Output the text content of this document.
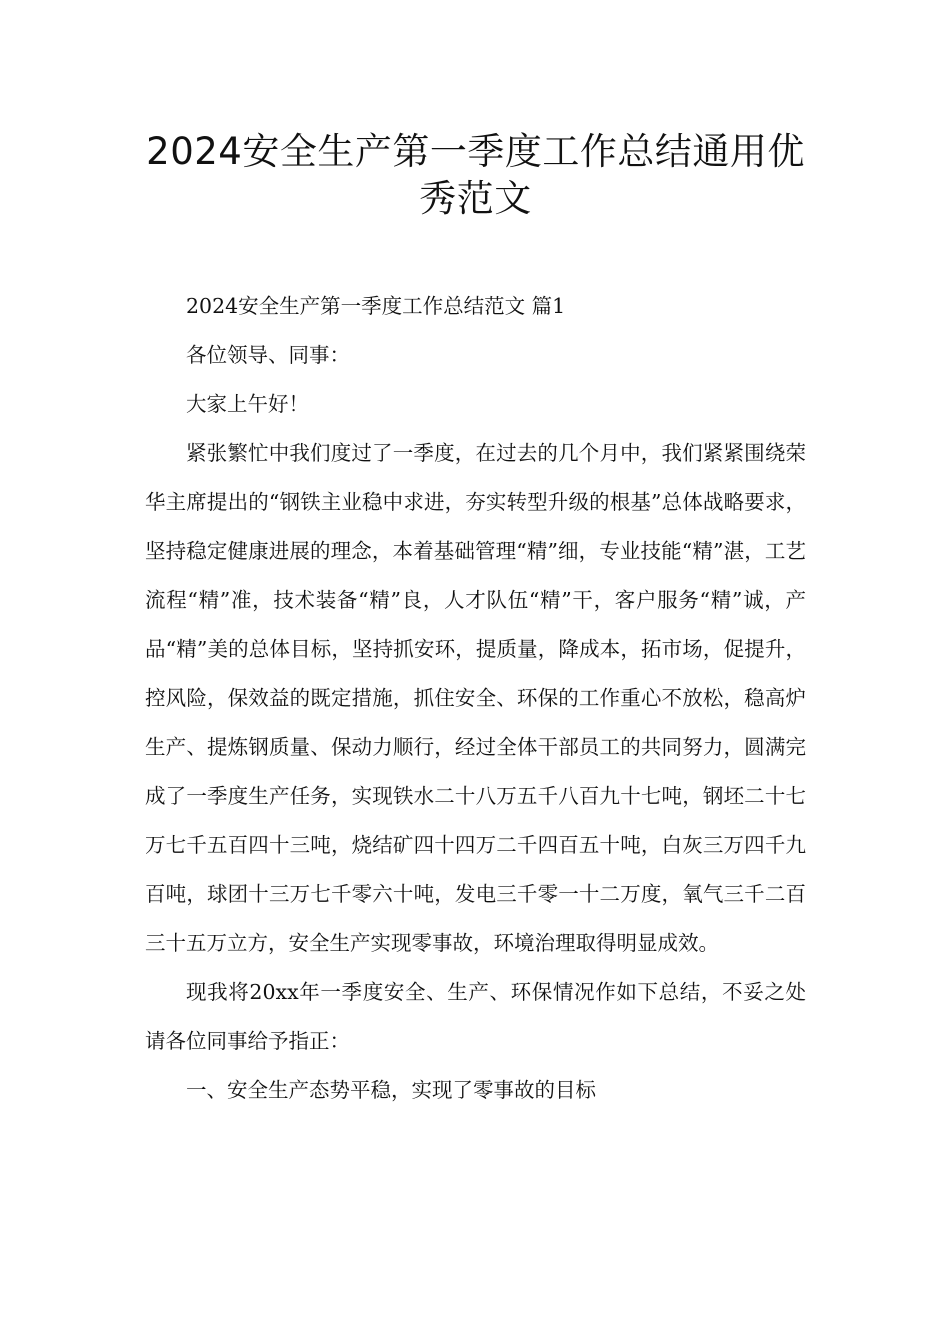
2024安全生产第一季度工作总结通用优秀范文

2024安全生产第一季度工作总结范文 篇1

各位领导、同事：

大家上午好！

紧张繁忙中我们度过了一季度，在过去的几个月中，我们紧紧围绕荣华主席提出的“钢铁主业稳中求进，夯实转型升级的根基”总体战略要求，坚持稳定健康进展的理念，本着基础管理“精”细，专业技能“精”湛，工艺流程“精”准，技术装备“精”良，人才队伍“精”干，客户服务“精”诚，产品“精”美的总体目标，坚持抓安环，提质量，降成本，拓市场，促提升，控风险，保效益的既定措施，抓住安全、环保的工作重心不放松，稳高炉生产、提炼钢质量、保动力顺行，经过全体干部员工的共同努力，圆满完成了一季度生产任务，实现铁水二十八万五千八百九十七吨，钢坯二十七万七千五百四十三吨，烧结矿四十四万二千四百五十吨，白灰三万四千九百吨，球团十三万七千零六十吨，发电三千零一十二万度，氧气三千二百三十五万立方，安全生产实现零事故，环境治理取得明显成效。

现我将20xx年一季度安全、生产、环保情况作如下总结，不妥之处请各位同事给予指正：

一、安全生产态势平稳，实现了零事故的目标
